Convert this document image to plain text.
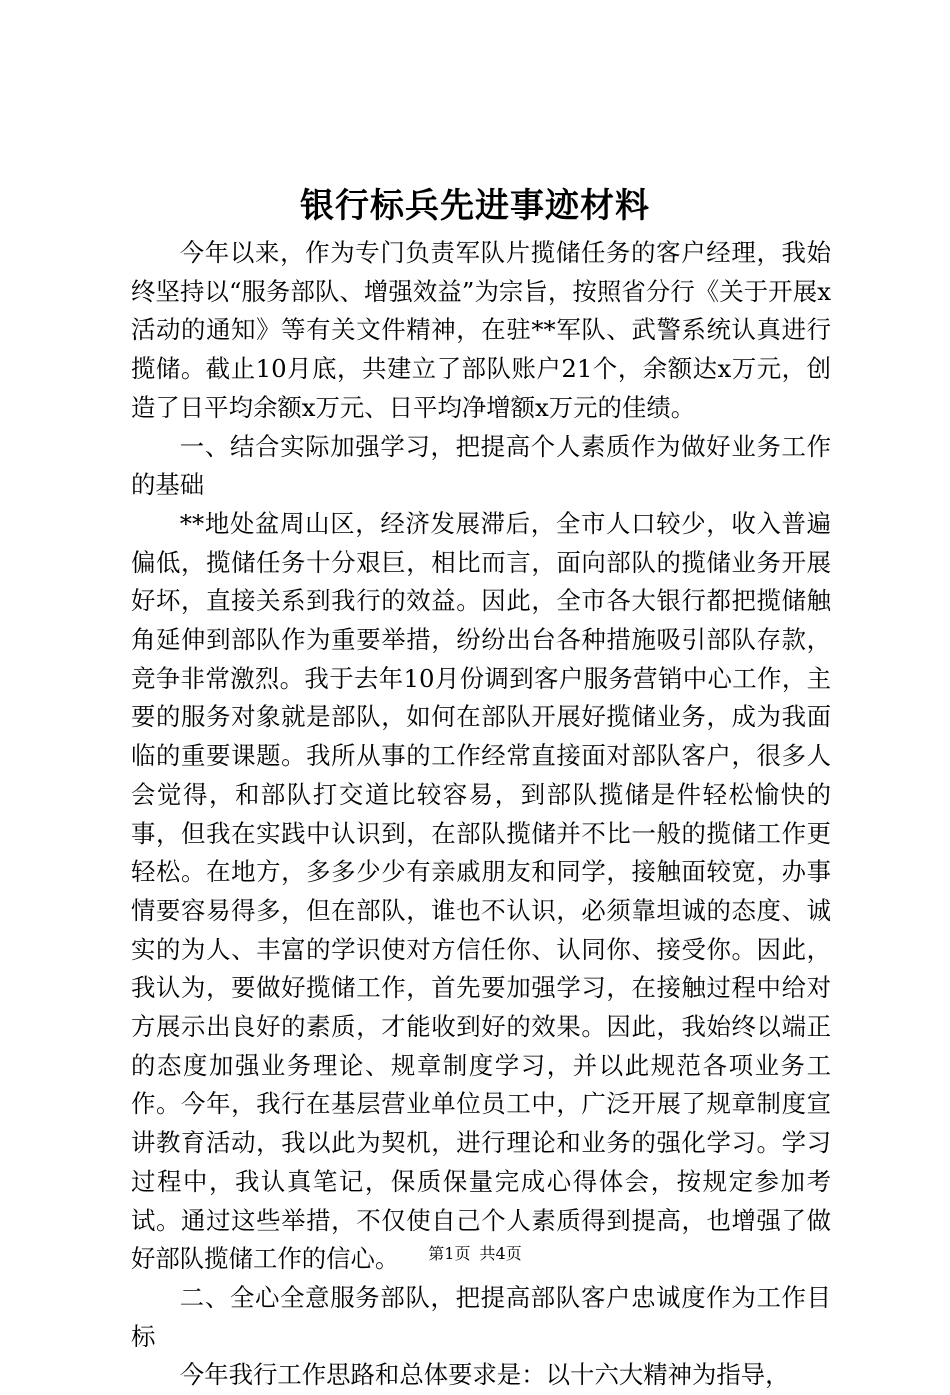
银行标兵先进事迹材料

今年以来，作为专门负责军队片揽储任务的客户经理，我始终坚持以“服务部队、增强效益”为宗旨，按照省分行《关于开展x活动的通知》等有关文件精神，在驻**军队、武警系统认真进行揽储。截止10月底，共建立了部队账户21个，余额达x万元，创造了日平均余额x万元、日平均净增额x万元的佳绩。

一、结合实际加强学习，把提高个人素质作为做好业务工作的基础

**地处盆周山区，经济发展滞后，全市人口较少，收入普遍偏低，揽储任务十分艰巨，相比而言，面向部队的揽储业务开展好坏，直接关系到我行的效益。因此，全市各大银行都把揽储触角延伸到部队作为重要举措，纷纷出台各种措施吸引部队存款，竞争非常激烈。我于去年10月份调到客户服务营销中心工作，主要的服务对象就是部队，如何在部队开展好揽储业务，成为我面临的重要课题。我所从事的工作经常直接面对部队客户，很多人会觉得，和部队打交道比较容易，到部队揽储是件轻松愉快的事，但我在实践中认识到，在部队揽储并不比一般的揽储工作更轻松。在地方，多多少少有亲戚朋友和同学，接触面较宽，办事情要容易得多，但在部队，谁也不认识，必须靠坦诚的态度、诚实的为人、丰富的学识使对方信任你、认同你、接受你。因此，我认为，要做好揽储工作，首先要加强学习，在接触过程中给对方展示出良好的素质，才能收到好的效果。因此，我始终以端正的态度加强业务理论、规章制度学习，并以此规范各项业务工作。今年，我行在基层营业单位员工中，广泛开展了规章制度宣讲教育活动，我以此为契机，进行理论和业务的强化学习。学习过程中，我认真笔记，保质保量完成心得体会，按规定参加考试。通过这些举措，不仅使自己个人素质得到提高，也增强了做好部队揽储工作的信心。

二、全心全意服务部队，把提高部队客户忠诚度作为工作目标

今年我行工作思路和总体要求是：以十六大精神为指导，

第1页 共4页
